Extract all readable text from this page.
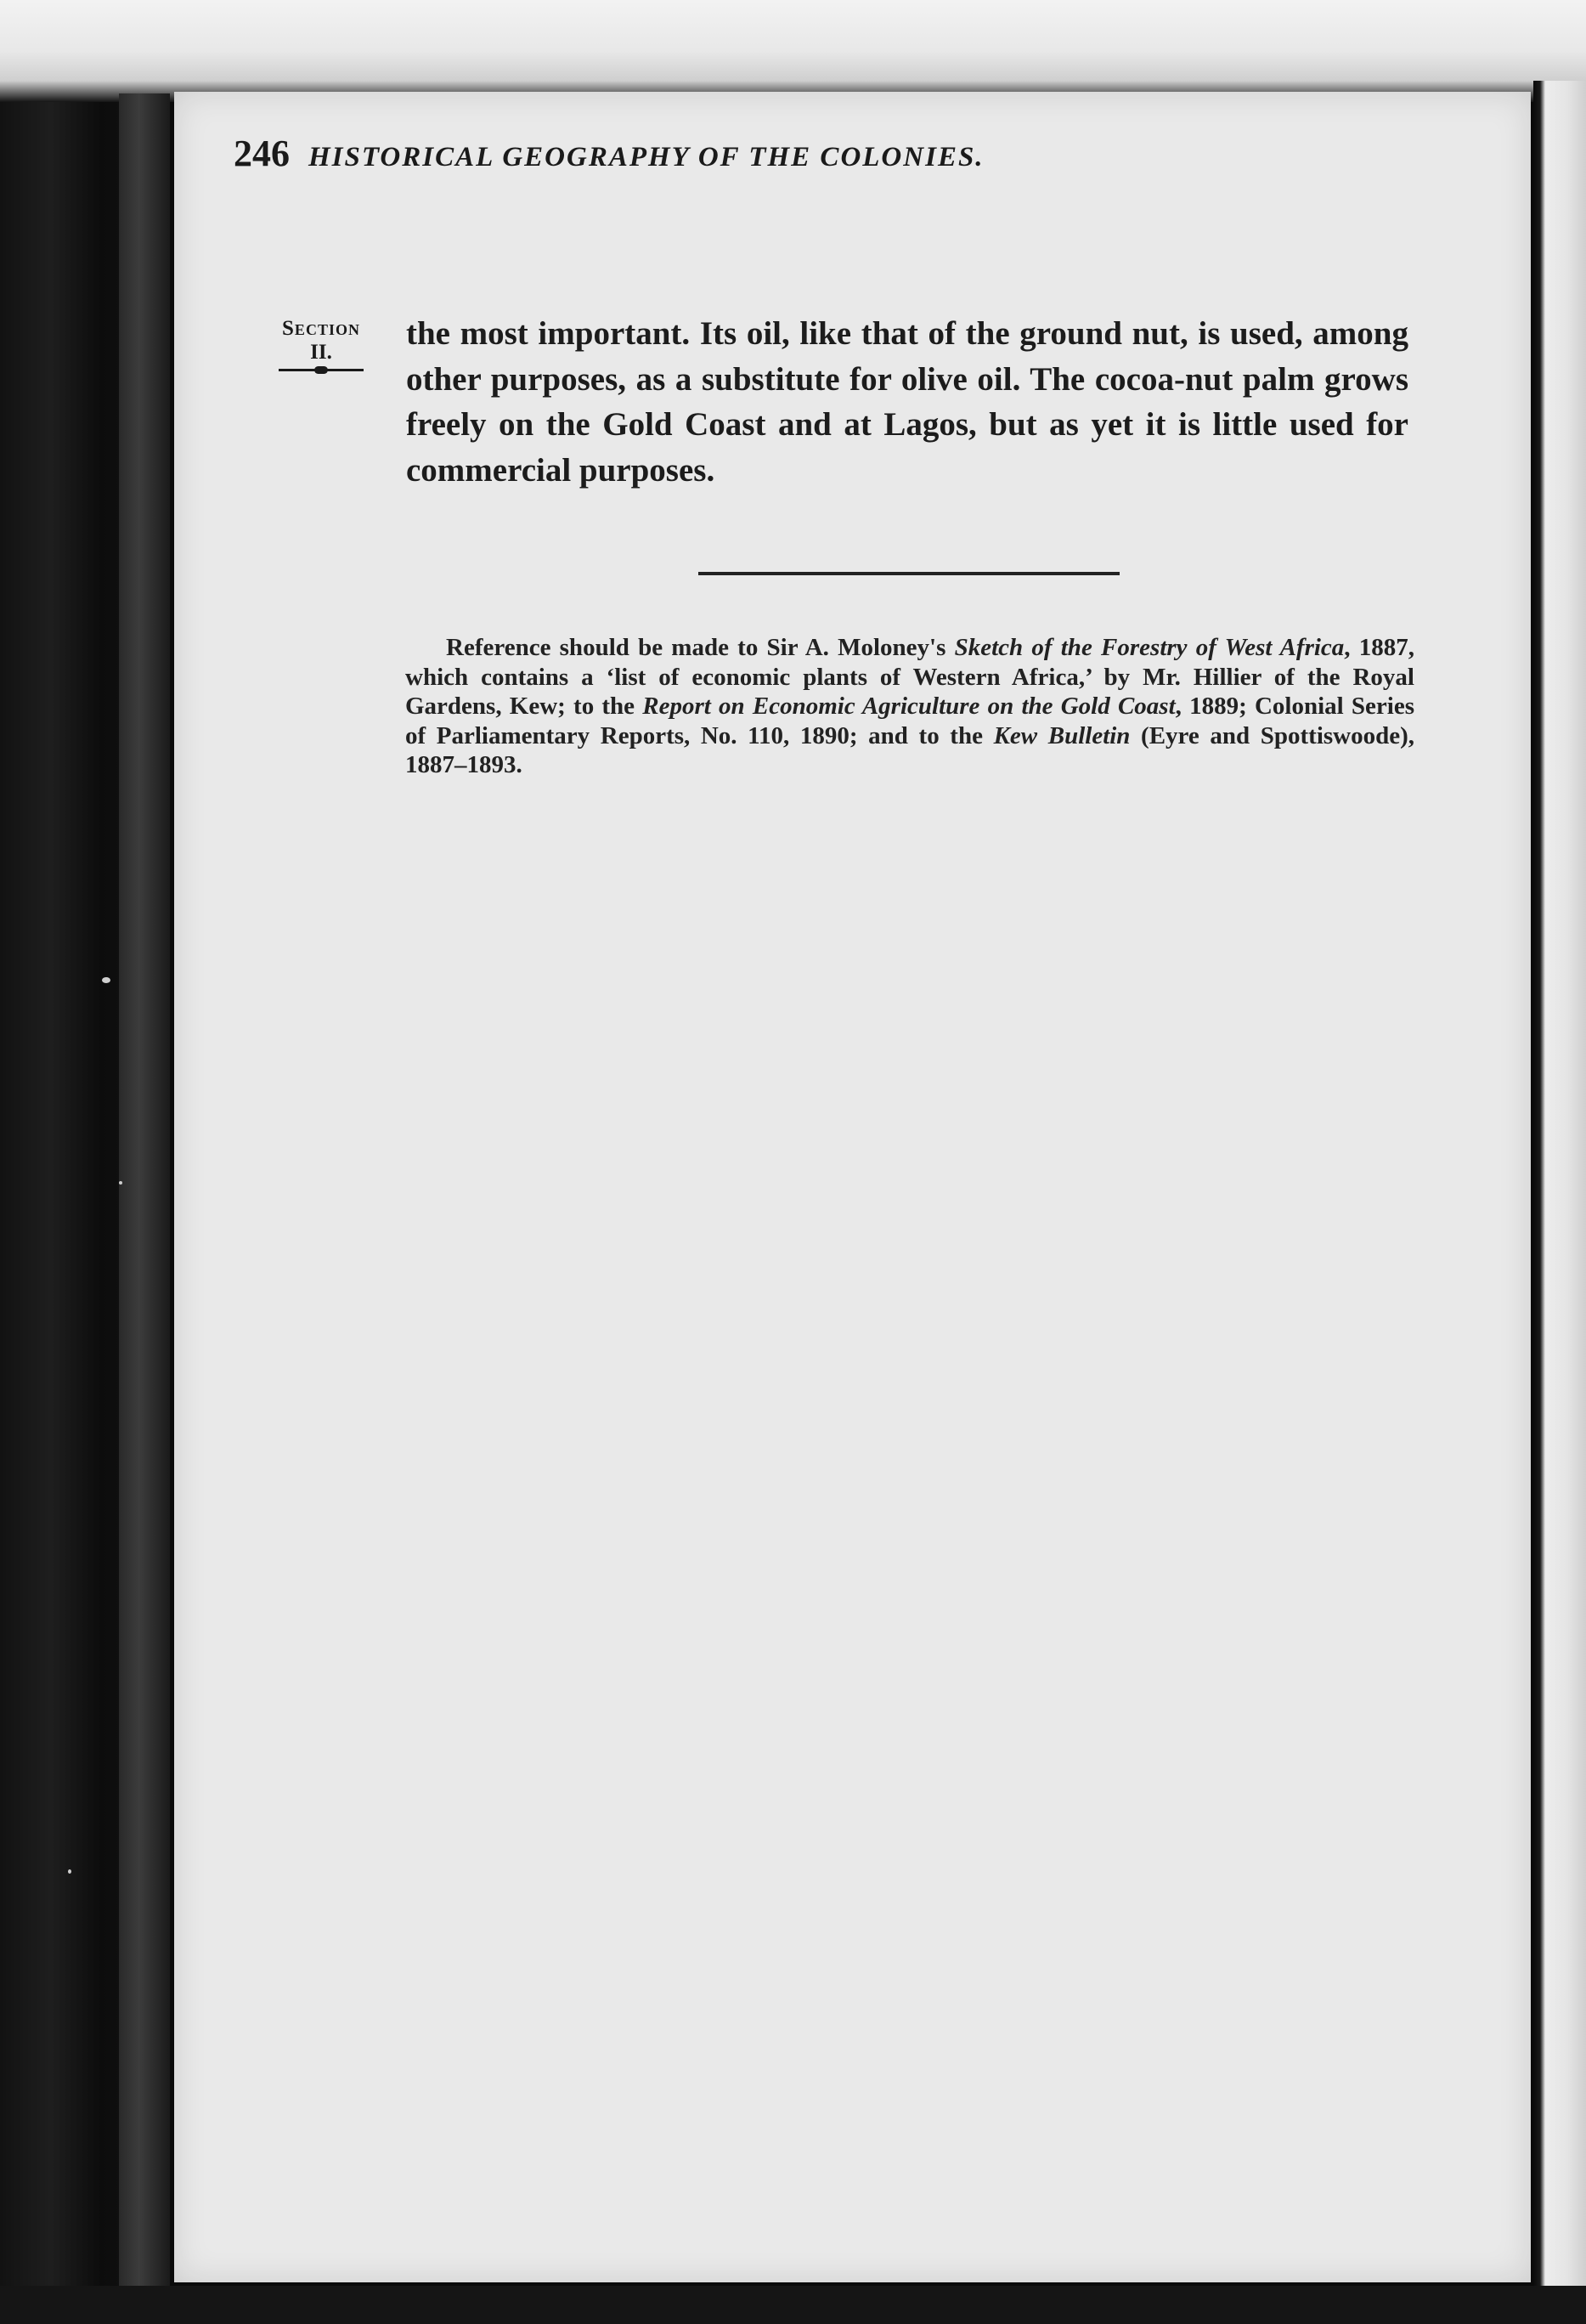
246 HISTORICAL GEOGRAPHY OF THE COLONIES.
Section
II.

the most important. Its oil, like that of the ground nut, is used, among other purposes, as a substitute for olive oil. The cocoa-nut palm grows freely on the Gold Coast and at Lagos, but as yet it is little used for commercial purposes.

Reference should be made to Sir A. Moloney's Sketch of the Forestry of West Africa, 1887, which contains a ‘list of economic plants of Western Africa,’ by Mr. Hillier of the Royal Gardens, Kew; to the Report on Economic Agriculture on the Gold Coast, 1889; Colonial Series of Parliamentary Reports, No. 110, 1890; and to the Kew Bulletin (Eyre and Spottiswoode), 1887–1893.
